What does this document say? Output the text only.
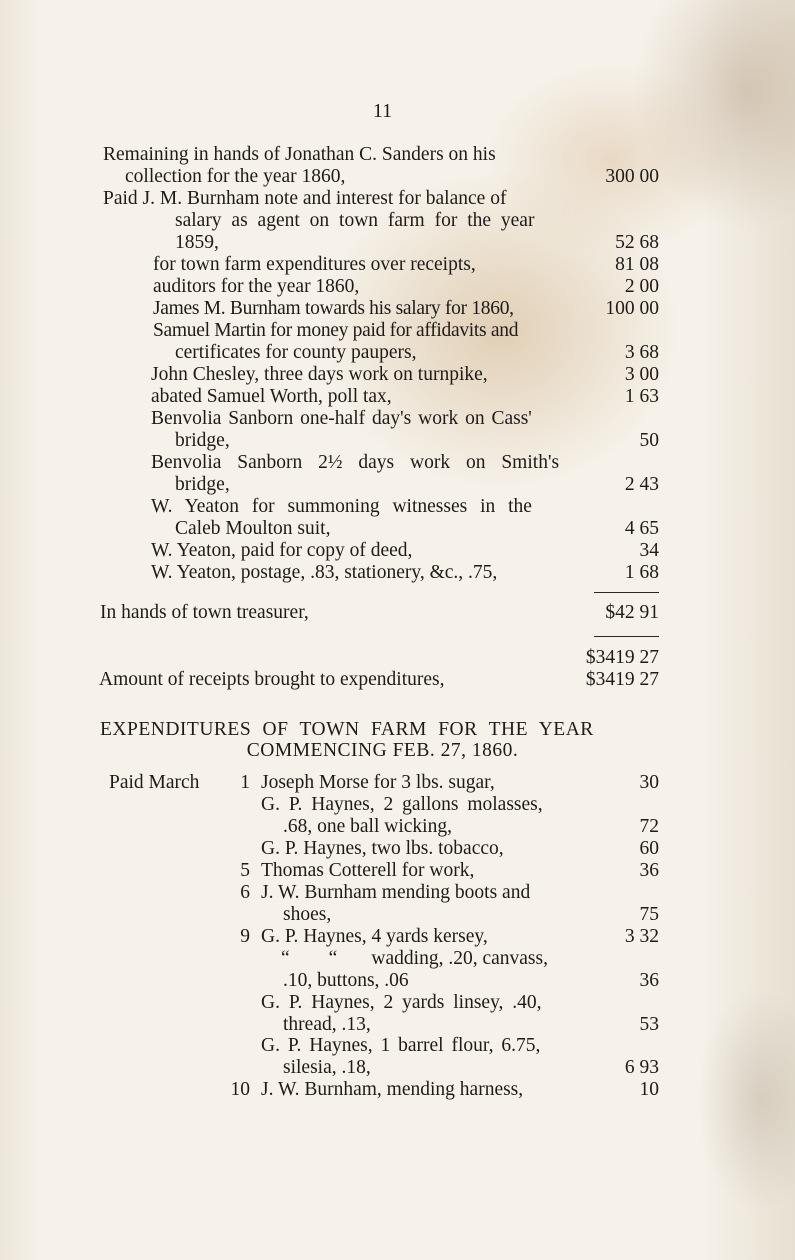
11
Remaining in hands of Jonathan C. Sanders on his
collection for the year 1860,	300 00
Paid J. M. Burnham note and interest for balance of
salary as agent on town farm for the year
1859,	52 68
for town farm expenditures over receipts,	81 08
auditors for the year 1860,	2 00
James M. Burnham towards his salary for 1860,	100 00
Samuel Martin for money paid for affidavits and
certificates for county paupers,	3 68
John Chesley, three days work on turnpike,	3 00
abated Samuel Worth, poll tax,	1 63
Benvolia Sanborn one-half day's work on Cass'
bridge,	50
Benvolia Sanborn 2½ days work on Smith's
bridge,	2 43
W. Yeaton for summoning witnesses in the
Caleb Moulton suit,	4 65
W. Yeaton, paid for copy of deed,	34
W. Yeaton, postage, .83, stationery, &c., .75,	1 68
In hands of town treasurer,	$42 91
$3419 27
Amount of receipts brought to expenditures,	$3419 27
EXPENDITURES OF TOWN FARM FOR THE YEAR
COMMENCING FEB. 27, 1860.
Paid March	1 Joseph Morse for 3 lbs. sugar,	30
G. P. Haynes, 2 gallons molasses,
.68, one ball wicking,	72
G. P. Haynes, two lbs. tobacco,	60
5 Thomas Cotterell for work,	36
6 J. W. Burnham mending boots and
shoes,	75
9 G. P. Haynes, 4 yards kersey,	3 32
“        “       wadding, .20, canvass,
.10, buttons, .06	36
G. P. Haynes, 2 yards linsey, .40,
thread, .13,	53
G. P. Haynes, 1 barrel flour, 6.75,
silesia, .18,	6 93
10 J. W. Burnham, mending harness,	10
